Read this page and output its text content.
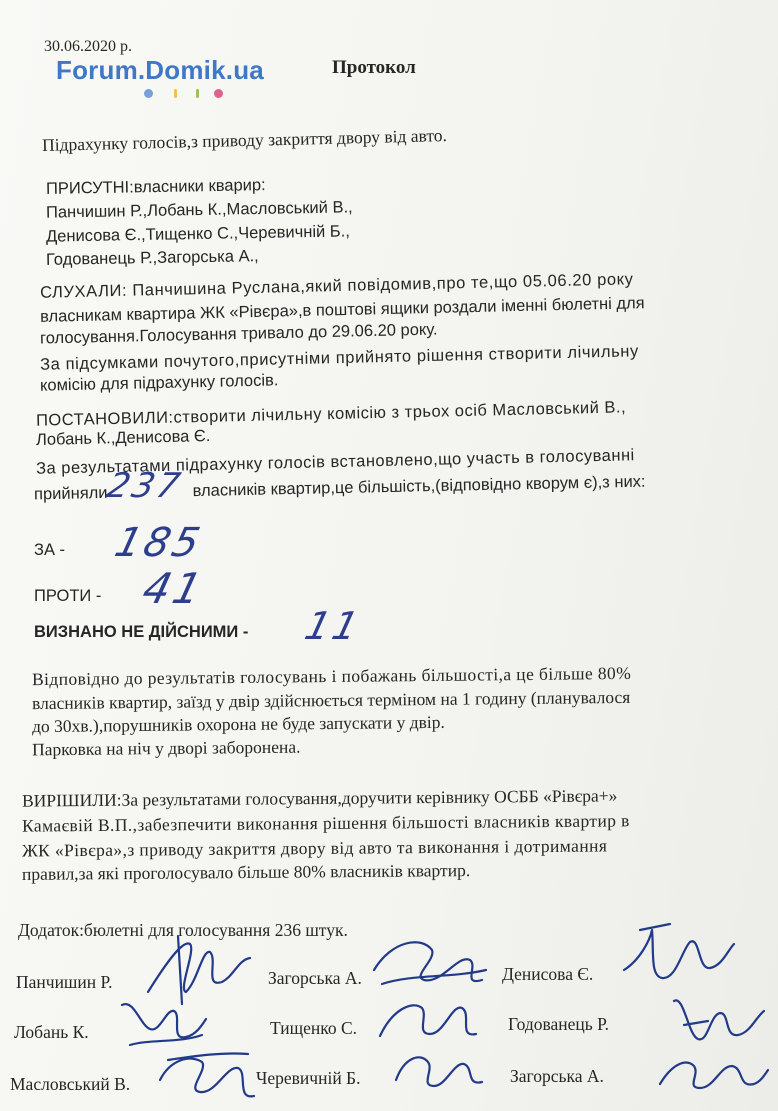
30.06.2020 р.
Forum.Domik.ua	Протокол
Підрахунку голосів,з приводу закриття двору від авто.
ПРИСУТНІ:власники кварир:
Панчишин Р.,Лобань К.,Масловський В.,
Денисова Є.,Тищенко С.,Черевичній Б.,
Годованець Р.,Загорська А.,
СЛУХАЛИ: Панчишина Руслана,який повідомив,про те,що 05.06.20 року
власникам квартира ЖК «Рівєра»,в поштові ящики роздали іменні бюлетні для
голосування.Голосування тривало до 29.06.20 року.
За підсумками почутого,присутніми прийнято рішення створити лічильну
комісію для підрахунку голосів.
ПОСТАНОВИЛИ:створити лічильну комісію з трьох осіб Масловський В.,
Лобань К.,Денисова Є.
За результатами підрахунку голосів встановлено,що участь в голосуванні
прийняли	власників квартир,це більшість,(відповідно кворум є),з них:
237
ЗА - 185
ПРОТИ - 41
ВИЗНАНО НЕ ДІЙСНИМИ - 11
Відповідно до результатів голосувань і побажань більшості,а це більше 80%
власників квартир, заїзд у двір здійснюється терміном на 1 годину (планувалося
до 30хв.),порушників охорона не буде запускати у двір.
Парковка на ніч у дворі заборонена.
ВИРІШИЛИ:За результатами голосування,доручити керівнику ОСББ «Рівєра+»
Камаєвій В.П.,забезпечити виконання рішення більшості власників квартир в
ЖК «Рівєра»,з приводу закриття двору від авто та виконання і дотримання
правил,за які проголосувало більше 80% власників квартир.
Додаток:бюлетні для голосування 236 штук.
Панчишин Р.	Загорська А.	Денисова Є.
Лобань К.	Тищенко С.	Годованець Р.
Масловський В.	Черевичній Б.	Загорська А.
